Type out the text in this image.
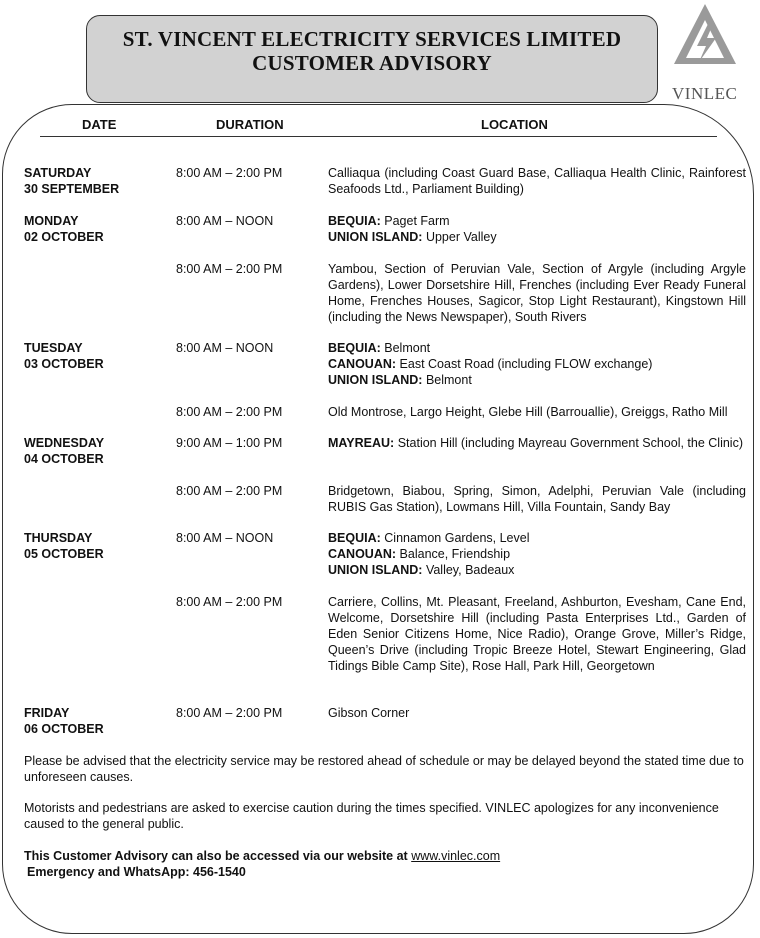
ST. VINCENT ELECTRICITY SERVICES LIMITED
CUSTOMER ADVISORY
VINLEC
DATE	DURATION	LOCATION
SATURDAY
30 SEPTEMBER
8:00 AM – 2:00 PM	Calliaqua (including Coast Guard Base, Calliaqua Health Clinic, Rainforest Seafoods Ltd., Parliament Building)
MONDAY
02 OCTOBER
8:00 AM – NOON	BEQUIA: Paget Farm
UNION ISLAND: Upper Valley
8:00 AM – 2:00 PM	Yambou, Section of Peruvian Vale, Section of Argyle (including Argyle Gardens), Lower Dorsetshire Hill, Frenches (including Ever Ready Funeral Home, Frenches Houses, Sagicor, Stop Light Restaurant), Kingstown Hill (including the News Newspaper), South Rivers
TUESDAY
03 OCTOBER
8:00 AM – NOON	BEQUIA: Belmont
CANOUAN: East Coast Road (including FLOW exchange)
UNION ISLAND: Belmont
8:00 AM – 2:00 PM	Old Montrose, Largo Height, Glebe Hill (Barrouallie), Greiggs, Ratho Mill
WEDNESDAY
04 OCTOBER
9:00 AM – 1:00 PM	MAYREAU: Station Hill (including Mayreau Government School, the Clinic)
8:00 AM – 2:00 PM	Bridgetown, Biabou, Spring, Simon, Adelphi, Peruvian Vale (including RUBIS Gas Station), Lowmans Hill, Villa Fountain, Sandy Bay
THURSDAY
05 OCTOBER
8:00 AM – NOON	BEQUIA: Cinnamon Gardens, Level
CANOUAN: Balance, Friendship
UNION ISLAND: Valley, Badeaux
8:00 AM – 2:00 PM	Carriere, Collins, Mt. Pleasant, Freeland, Ashburton, Evesham, Cane End, Welcome, Dorsetshire Hill (including Pasta Enterprises Ltd., Garden of Eden Senior Citizens Home, Nice Radio), Orange Grove, Miller’s Ridge, Queen’s Drive (including Tropic Breeze Hotel, Stewart Engineering, Glad Tidings Bible Camp Site), Rose Hall, Park Hill, Georgetown
FRIDAY
06 OCTOBER
8:00 AM – 2:00 PM	Gibson Corner
Please be advised that the electricity service may be restored ahead of schedule or may be delayed beyond the stated time due to unforeseen causes.
Motorists and pedestrians are asked to exercise caution during the times specified. VINLEC apologizes for any inconvenience caused to the general public.
This Customer Advisory can also be accessed via our website at www.vinlec.com
Emergency and WhatsApp: 456-1540
